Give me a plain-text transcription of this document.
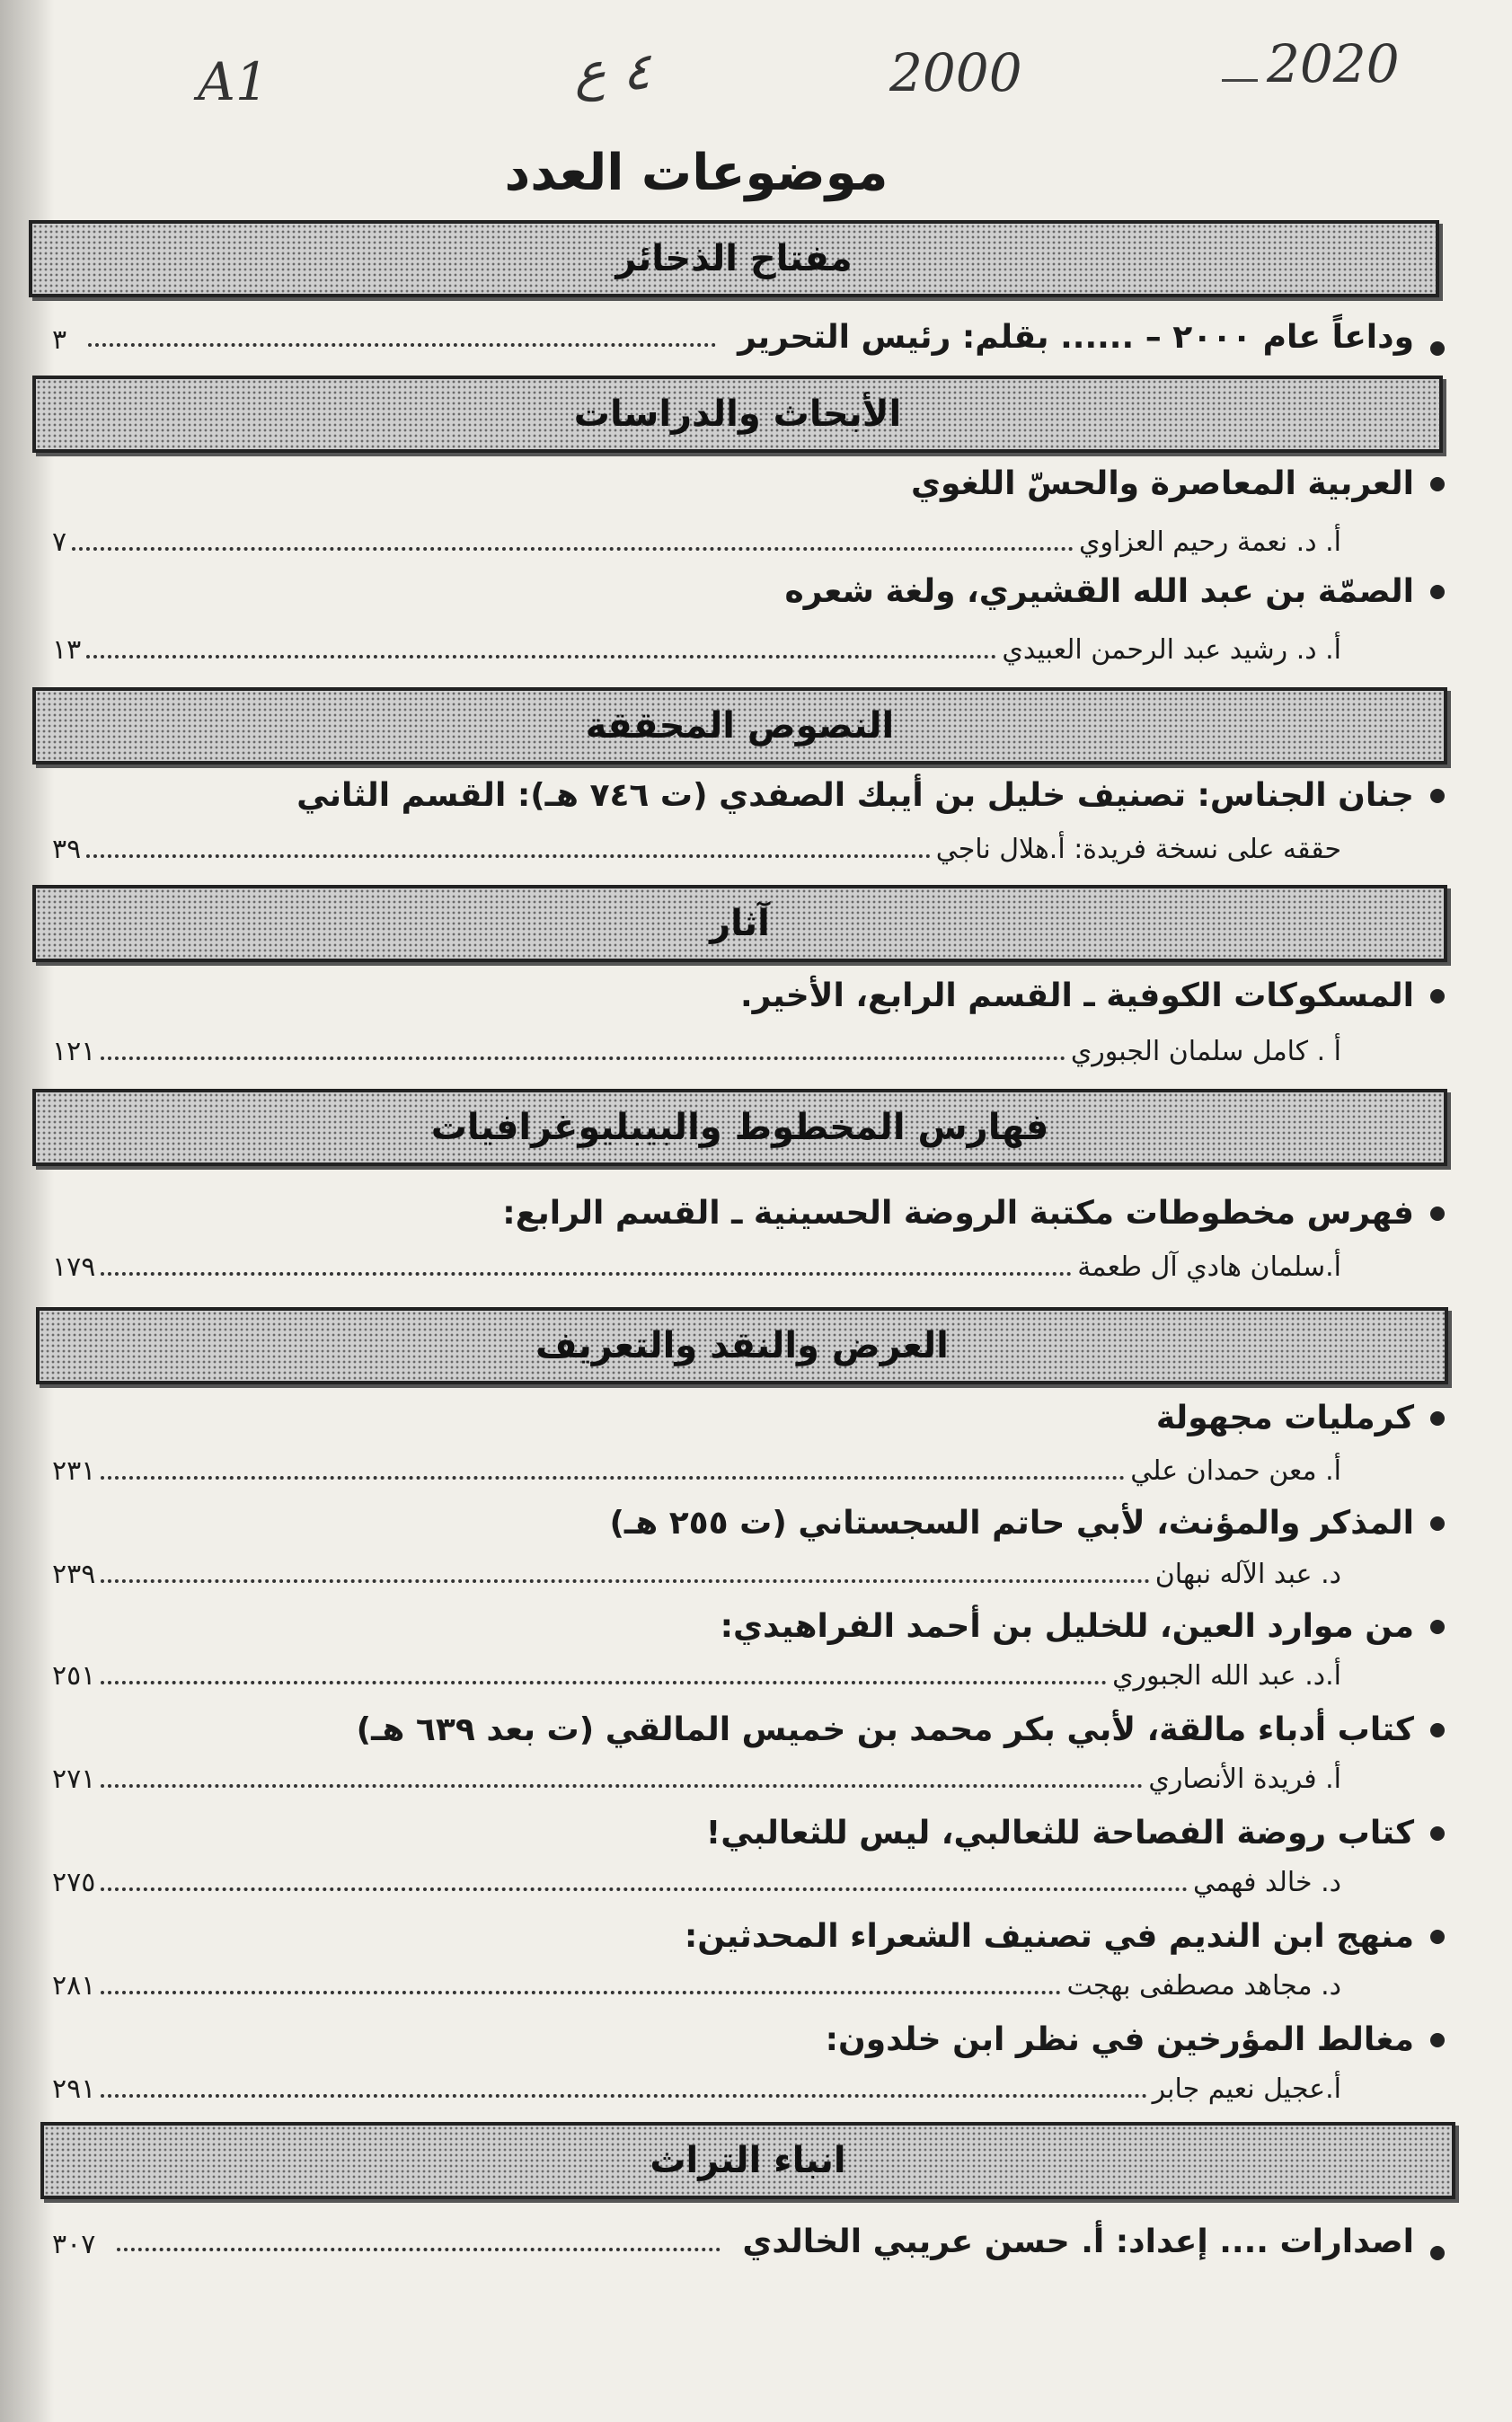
A1	٤ ع	2000	2020
موضوعات العدد
مفتاح الذخائر
وداعاً عام ٢٠٠٠ – ...... بقلم: رئيس التحرير
٣
الأبحاث والدراسات
العربية المعاصرة والحسّ اللغوي
أ. د. نعمة رحيم العزاوي
٧
الصمّة بن عبد الله القشيري، ولغة شعره
أ. د. رشيد عبد الرحمن العبيدي
١٣
النصوص المحققة
جنان الجناس: تصنيف خليل بن أيبك الصفدي (ت ٧٤٦ هـ): القسم الثاني
حققه على نسخة فريدة: أ.هلال ناجي
٣٩
آثار
المسكوكات الكوفية ـ القسم الرابع، الأخير.
أ . كامل سلمان الجبوري
١٢١
فهارس المخطوط والبيبليوغرافيات
فهرس مخطوطات مكتبة الروضة الحسينية ـ القسم الرابع:
أ.سلمان هادي آل طعمة
١٧٩
العرض والنقد والتعريف
كرمليات مجهولة
أ. معن حمدان علي
٢٣١
المذكر والمؤنث، لأبي حاتم السجستاني (ت ٢٥٥ هـ)
د. عبد الآله نبهان
٢٣٩
من موارد العين، للخليل بن أحمد الفراهيدي:
أ.د. عبد الله الجبوري
٢٥١
كتاب أدباء مالقة، لأبي بكر محمد بن خميس المالقي (ت بعد ٦٣٩ هـ)
أ. فريدة الأنصاري
٢٧١
كتاب روضة الفصاحة للثعالبي، ليس للثعالبي!
د. خالد فهمي
٢٧٥
منهج ابن النديم في تصنيف الشعراء المحدثين:
د. مجاهد مصطفى بهجت
٢٨١
مغالط المؤرخين في نظر ابن خلدون:
أ.عجيل نعيم جابر
٢٩١
انباء التراث
اصدارات .... إعداد: أ. حسن عريبي الخالدي
٣٠٧
